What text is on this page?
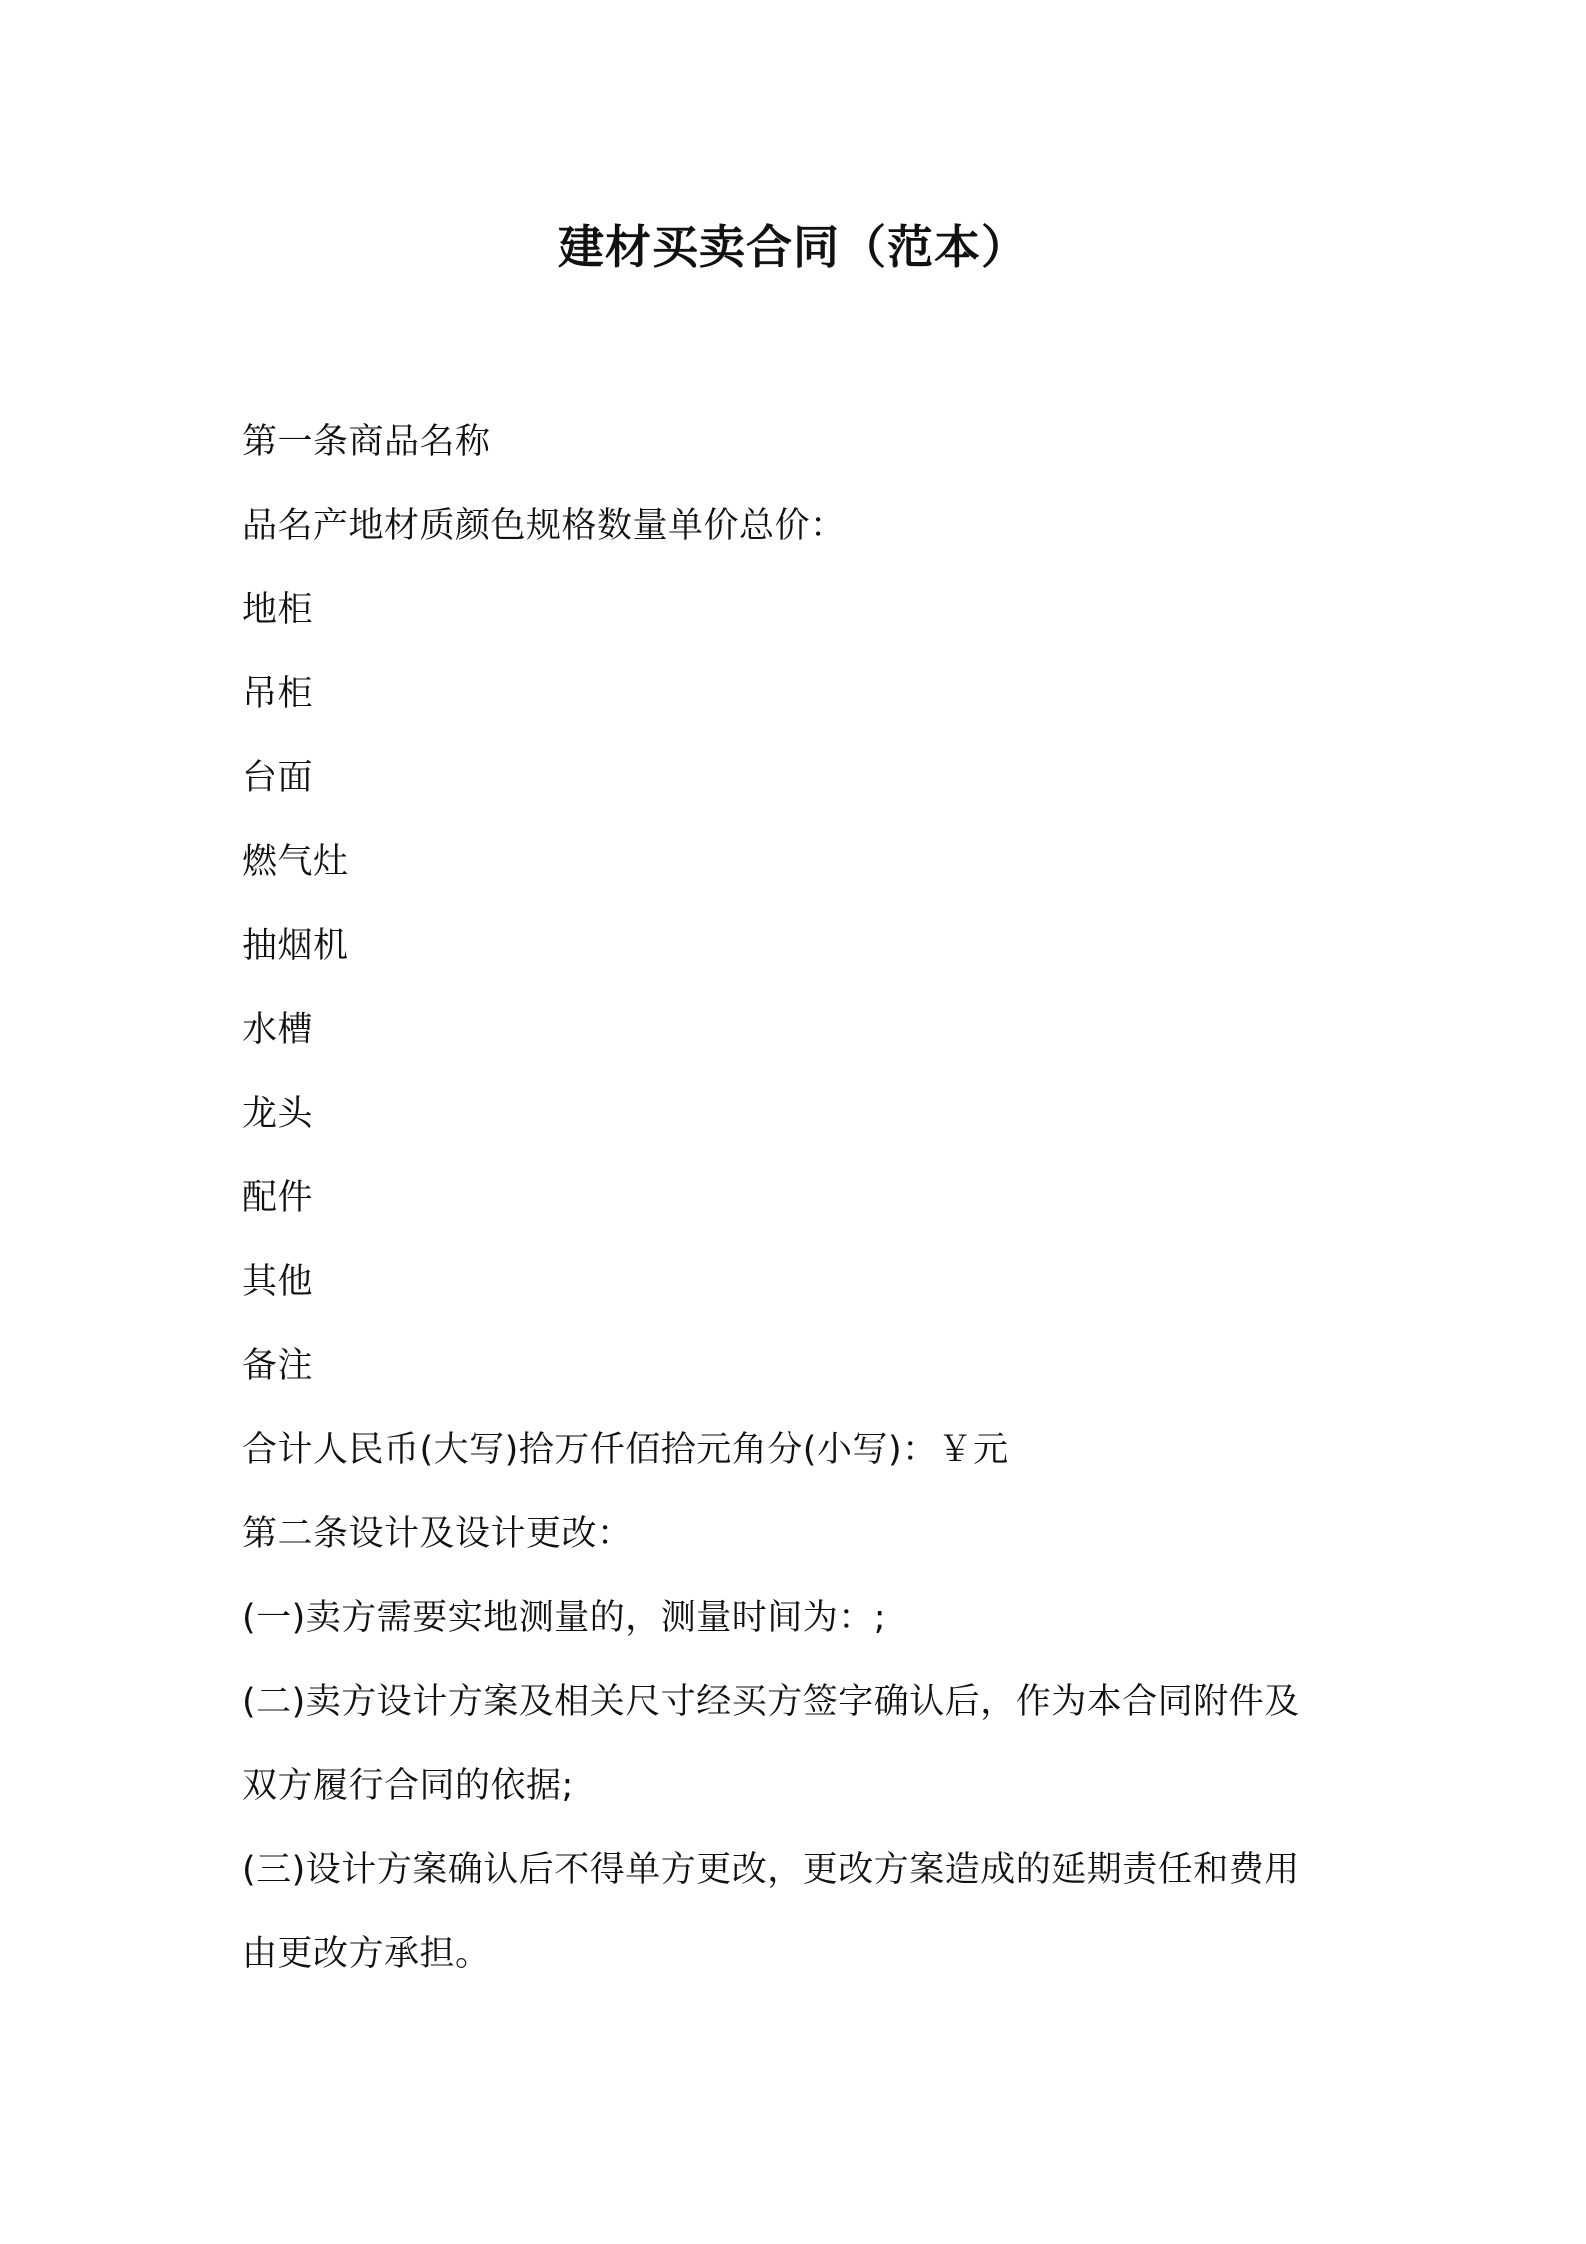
建材买卖合同（范本）

第一条商品名称

品名产地材质颜色规格数量单价总价：

地柜

吊柜

台面

燃气灶

抽烟机

水槽

龙头

配件

其他

备注

合计人民币(大写)拾万仟佰拾元角分(小写)：￥元

第二条设计及设计更改：

(一)卖方需要实地测量的，测量时间为：;

(二)卖方设计方案及相关尺寸经买方签字确认后，作为本合同附件及

双方履行合同的依据;

(三)设计方案确认后不得单方更改，更改方案造成的延期责任和费用

由更改方承担。
